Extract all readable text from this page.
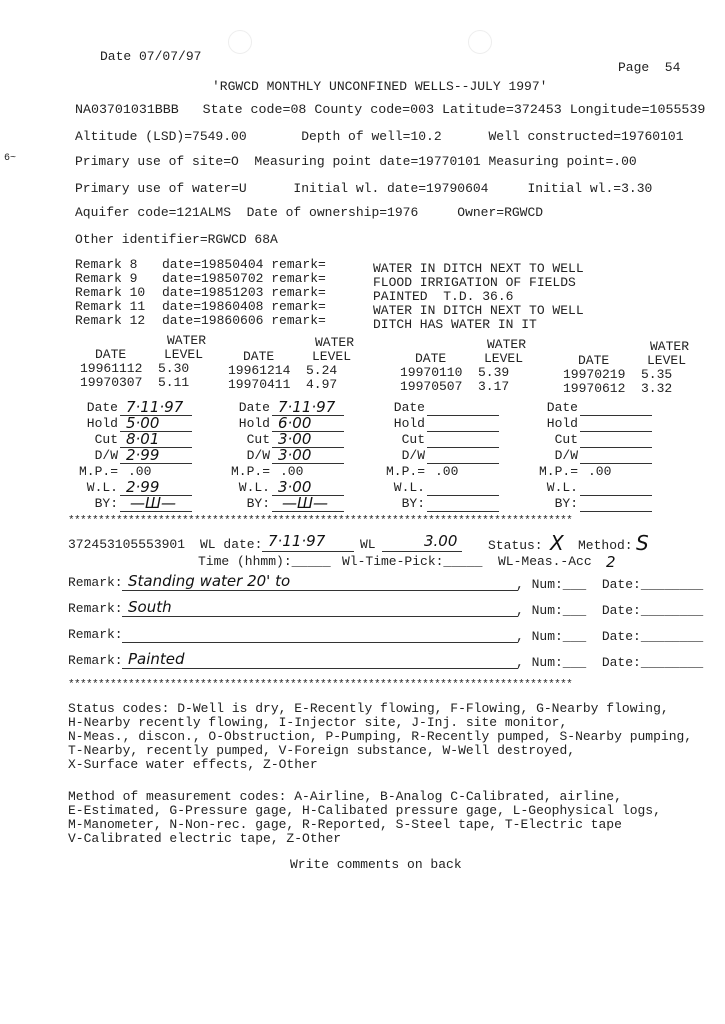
6~
Date 07/07/97
Page  54
'RGWCD MONTHLY UNCONFINED WELLS--JULY 1997'
NA03701031BBB   State code=08 County code=003 Latitude=372453 Longitude=1055539
Altitude (LSD)=7549.00       Depth of well=10.2      Well constructed=19760101
Primary use of site=O  Measuring point date=19770101 Measuring point=.00
Primary use of water=U      Initial wl. date=19790604     Initial wl.=3.30
Aquifer code=121ALMS  Date of ownership=1976     Owner=RGWCD
Other identifier=RGWCD 68A
Remark 8 date=19850404 remark=	WATER IN DITCH NEXT TO WELL
Remark 9 date=19850702 remark=	FLOOD IRRIGATION OF FIELDS
Remark 10 date=19851203 remark=	PAINTED  T.D. 36.6
Remark 11 date=19860408 remark=	WATER IN DITCH NEXT TO WELL
Remark 12 date=19860606 remark=	DITCH HAS WATER IN IT
WATER
DATE	LEVEL
19961112 5.30
19970307 5.11
WATER
DATE	LEVEL
19961214 5.24
19970411 4.97
WATER
DATE	LEVEL
19970110 5.39
19970507 3.17
WATER
DATE	LEVEL
19970219 5.35
19970612 3.32
Date 7·11·97
Hold 5·00
Cut 8·01
D/W 2·99
M.P.= .00
W.L. 2·99
BY: —Ш—
Date 7·11·97
Hold 6·00
Cut 3·00
D/W 3·00
M.P.= .00
W.L. 3·00
BY: —Ш—
Date
Hold
Cut
D/W
M.P.= .00
W.L.
BY:
Date
Hold
Cut
D/W
M.P.= .00
W.L.
BY:
************************************************************************************
372453105553901 WL date: 7·11·97	WL	3.00 Status: X Method: S
Time (hhmm):_____ Wl-Time-Pick:_____ WL-Meas.-Acc 2
Remark: Standing water 20' to	, Num:___  Date:________
Remark: South	, Num:___  Date:________
Remark:	, Num:___  Date:________
Remark: Painted	, Num:___  Date:________
************************************************************************************
Status codes: D-Well is dry, E-Recently flowing, F-Flowing, G-Nearby flowing,
H-Nearby recently flowing, I-Injector site, J-Inj. site monitor,
N-Meas., discon., O-Obstruction, P-Pumping, R-Recently pumped, S-Nearby pumping,
T-Nearby, recently pumped, V-Foreign substance, W-Well destroyed,
X-Surface water effects, Z-Other
Method of measurement codes: A-Airline, B-Analog C-Calibrated, airline,
E-Estimated, G-Pressure gage, H-Calibated pressure gage, L-Geophysical logs,
M-Manometer, N-Non-rec. gage, R-Reported, S-Steel tape, T-Electric tape
V-Calibrated electric tape, Z-Other
Write comments on back
